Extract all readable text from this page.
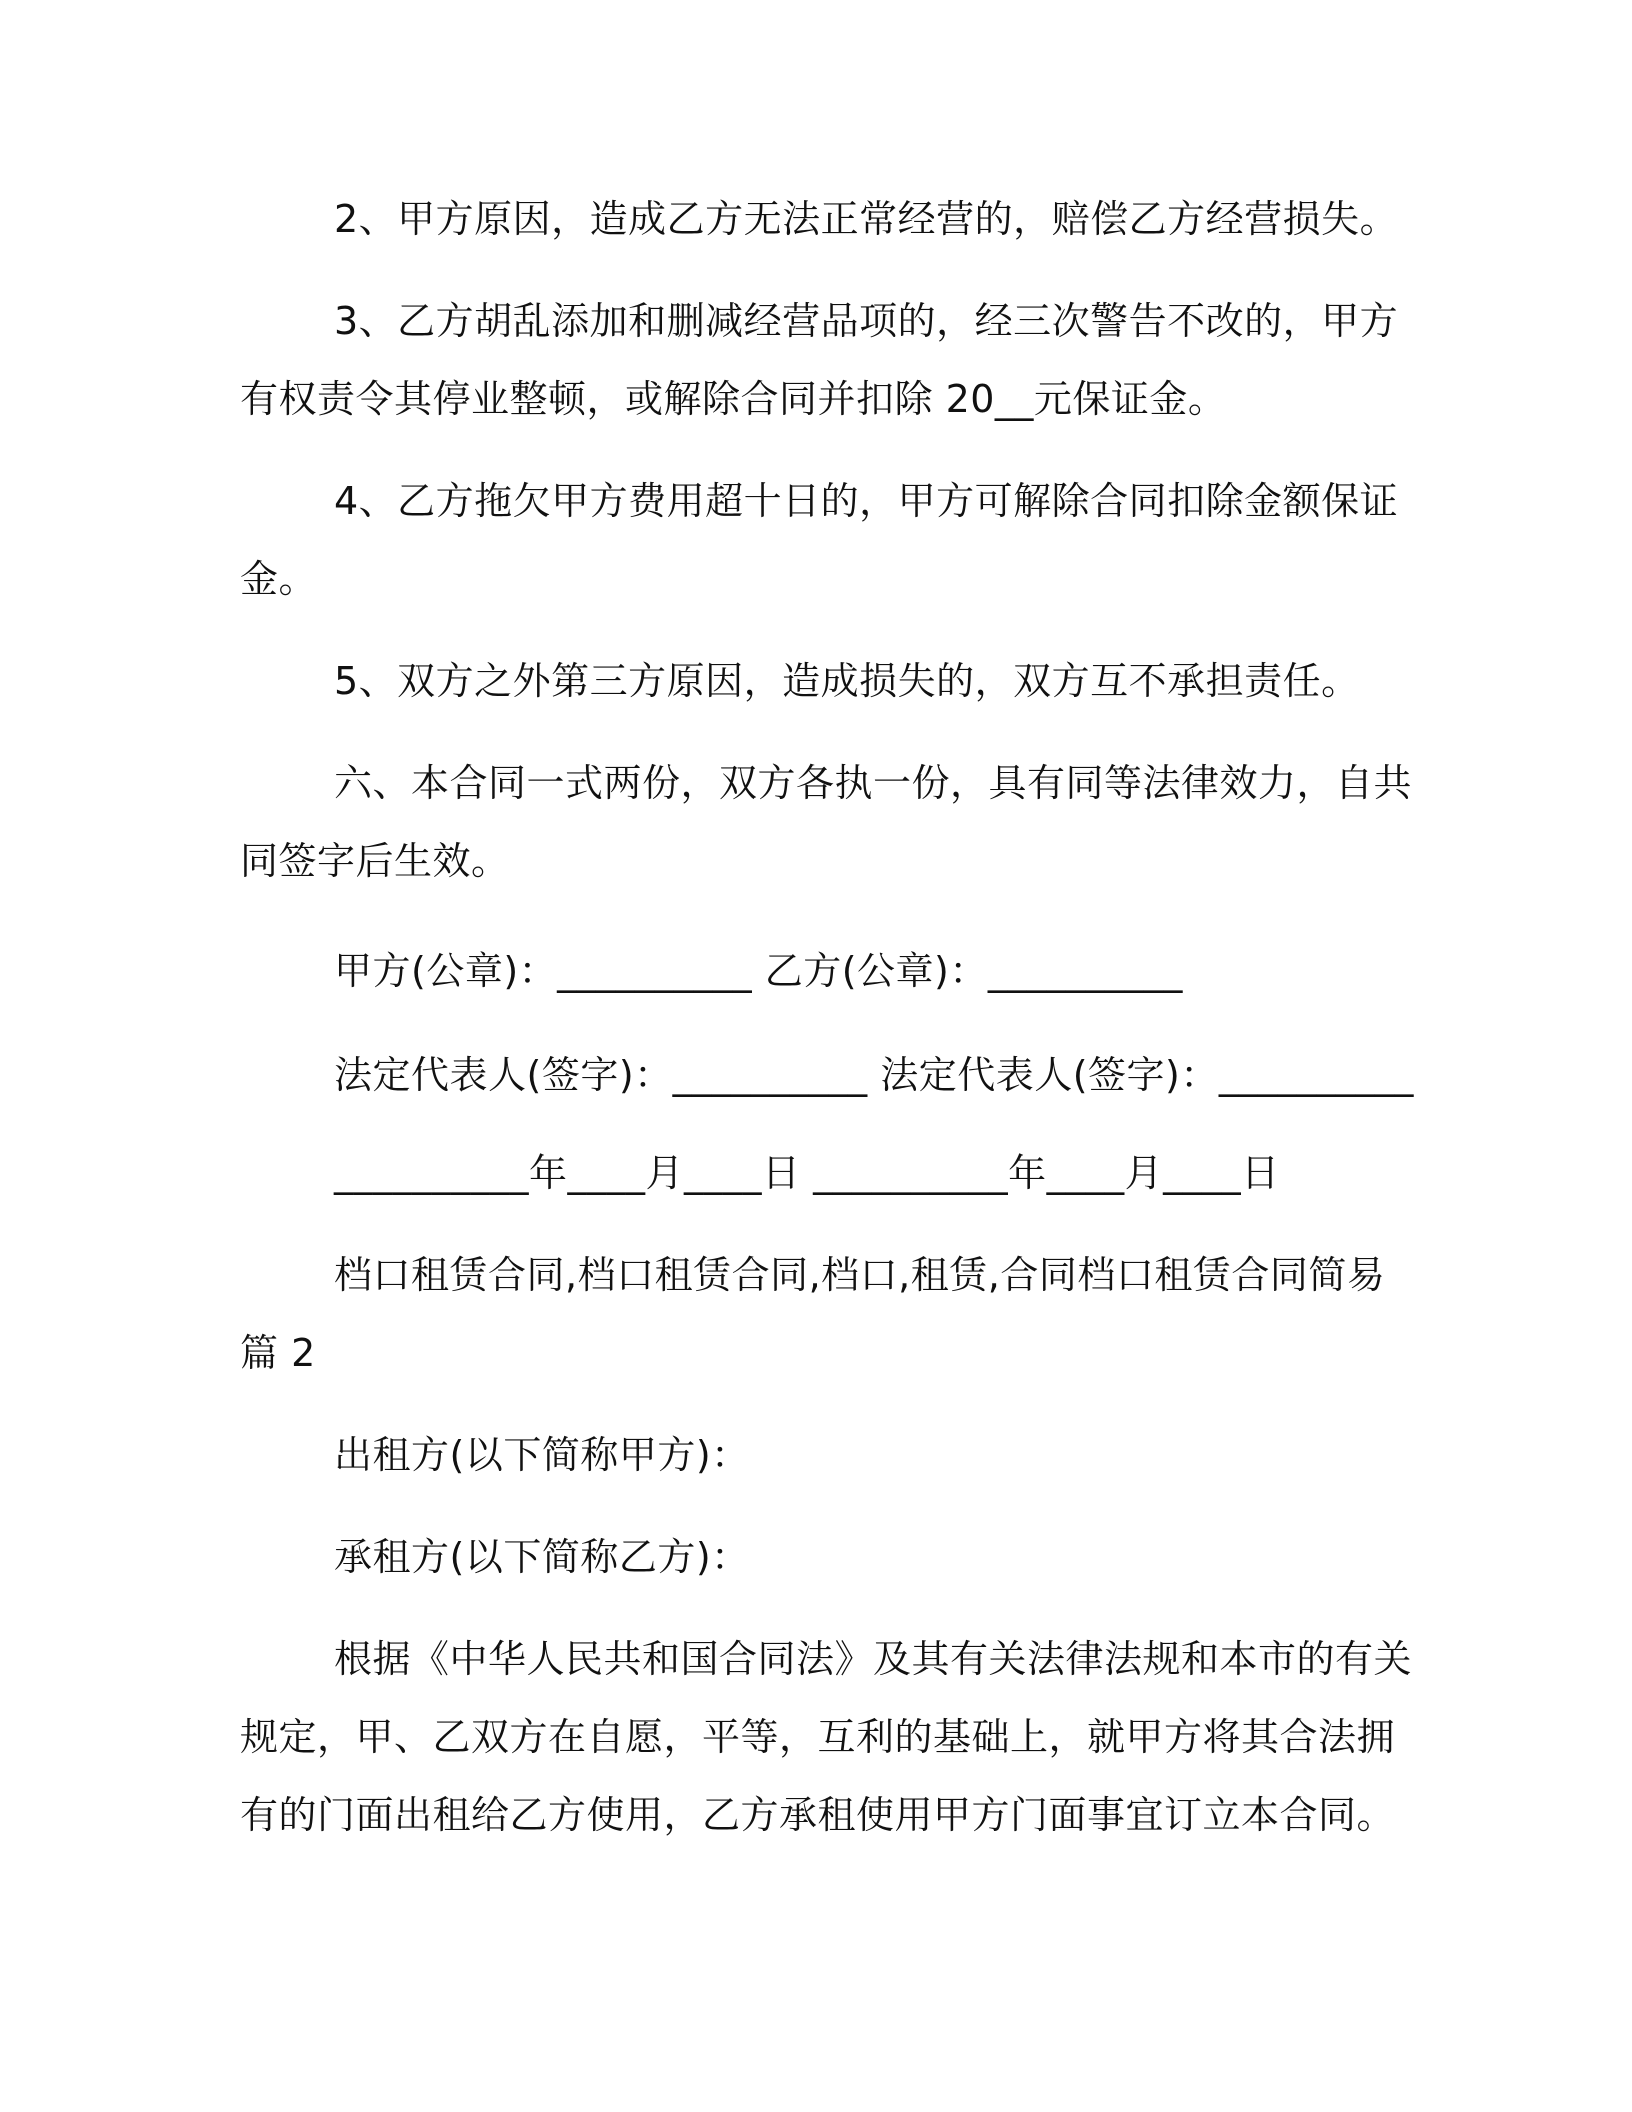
2、甲方原因，造成乙方无法正常经营的，赔偿乙方经营损失。
3、乙方胡乱添加和删减经营品项的，经三次警告不改的，甲方
有权责令其停业整顿，或解除合同并扣除 20__元保证金。
4、乙方拖欠甲方费用超十日的，甲方可解除合同扣除金额保证
金。
5、双方之外第三方原因，造成损失的，双方互不承担责任。
六、本合同一式两份，双方各执一份，具有同等法律效力，自共
同签字后生效。
甲方(公章)：__________ 乙方(公章)：__________
法定代表人(签字)：__________ 法定代表人(签字)：__________
__________年____月____日 __________年____月____日
档口租赁合同,档口租赁合同,档口,租赁,合同档口租赁合同简易
篇 2
出租方(以下简称甲方)：
承租方(以下简称乙方)：
根据《中华人民共和国合同法》及其有关法律法规和本市的有关
规定，甲、乙双方在自愿，平等，互利的基础上，就甲方将其合法拥
有的门面出租给乙方使用，乙方承租使用甲方门面事宜订立本合同。
